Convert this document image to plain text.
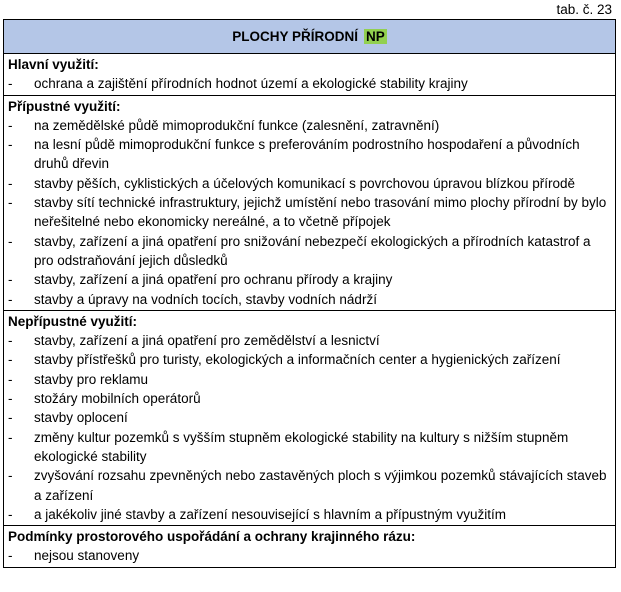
tab. č. 23
PLOCHY PŘÍRODNÍ NP

Hlavní využití:
- ochrana a zajištění přírodních hodnot území a ekologické stability krajiny

Přípustné využití:
- na zemědělské půdě mimoprodukční funkce (zalesnění, zatravnění)
- na lesní půdě mimoprodukční funkce s preferováním podrostního hospodaření a původních druhů dřevin
- stavby pěších, cyklistických a účelových komunikací s povrchovou úpravou blízkou přírodě
- stavby sítí technické infrastruktury, jejichž umístění nebo trasování mimo plochy přírodní by bylo neřešitelné nebo ekonomicky nereálné, a to včetně přípojek
- stavby, zařízení a jiná opatření pro snižování nebezpečí ekologických a přírodních katastrof a pro odstraňování jejich důsledků
- stavby, zařízení a jiná opatření pro ochranu přírody a krajiny
- stavby a úpravy na vodních tocích, stavby vodních nádrží

Nepřípustné využití:
- stavby, zařízení a jiná opatření pro zemědělství a lesnictví
- stavby přístřešků pro turisty, ekologických a informačních center a hygienických zařízení
- stavby pro reklamu
- stožáry mobilních operátorů
- stavby oplocení
- změny kultur pozemků s vyšším stupněm ekologické stability na kultury s nižším stupněm ekologické stability
- zvyšování rozsahu zpevněných nebo zastavěných ploch s výjimkou pozemků stávajících staveb a zařízení
- a jakékoliv jiné stavby a zařízení nesouvisející s hlavním a přípustným využitím

Podmínky prostorového uspořádání a ochrany krajinného rázu:
- nejsou stanoveny
